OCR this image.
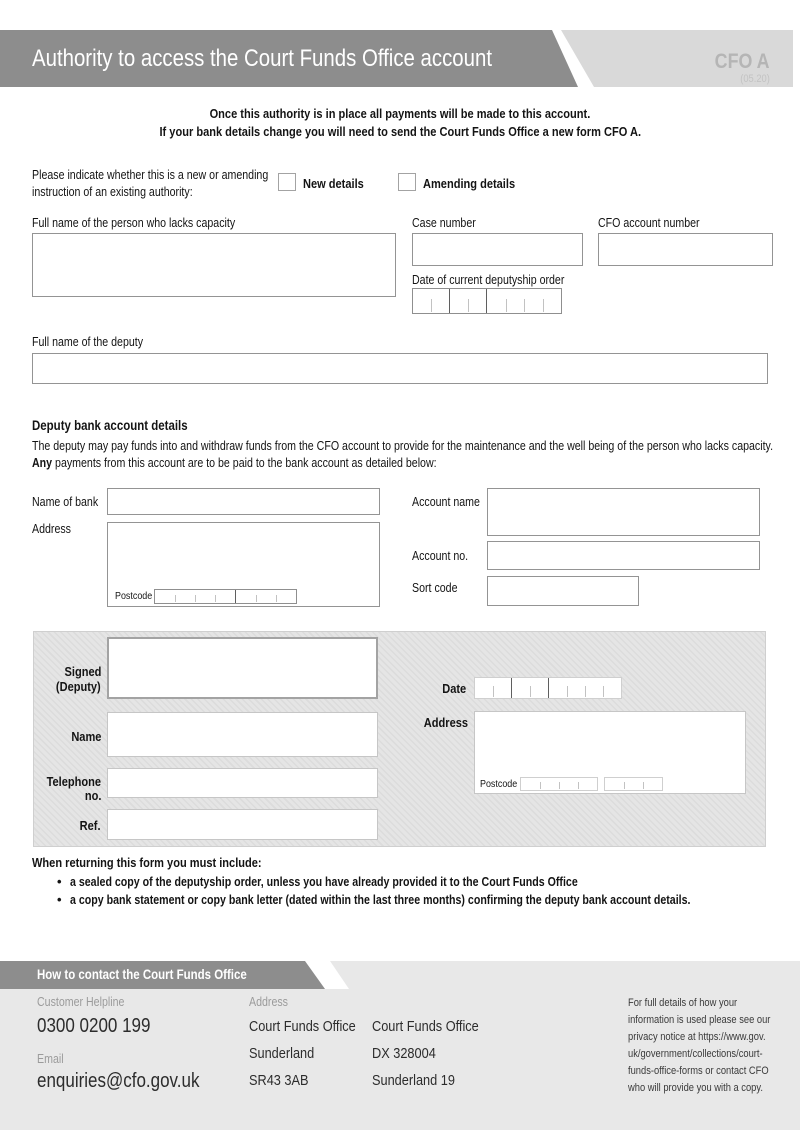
Authority to access the Court Funds Office account	CFO A
(05.20)
Once this authority is in place all payments will be made to this account.
If your bank details change you will need to send the Court Funds Office a new form CFO A.
Please indicate whether this is a new or amending
instruction of an existing authority:
New details	Amending details
Full name of the person who lacks capacity	Case number	CFO account number
Date of current deputyship order
Full name of the deputy
Deputy bank account details
The deputy may pay funds into and withdraw funds from the CFO account to provide for the maintenance and the well being of the person who lacks capacity.
Any payments from this account are to be paid to the bank account as detailed below:
Name of bank
Address
Postcode
Account name
Account no.
Sort code
Signed
(Deputy)
Name
Telephone
no.
Ref.
Date
Address
Postcode
When returning this form you must include:
• a sealed copy of the deputyship order, unless you have already provided it to the Court Funds Office
• a copy bank statement or copy bank letter (dated within the last three months) confirming the deputy bank account details.
How to contact the Court Funds Office
Customer Helpline
0300 0200 199
Email
enquiries@cfo.gov.uk
Address
Court Funds Office
Sunderland
SR43 3AB
Court Funds Office
DX 328004
Sunderland 19
For full details of how your
information is used please see our
privacy notice at https://www.gov.
uk/government/collections/court-
funds-office-forms or contact CFO
who will provide you with a copy.
